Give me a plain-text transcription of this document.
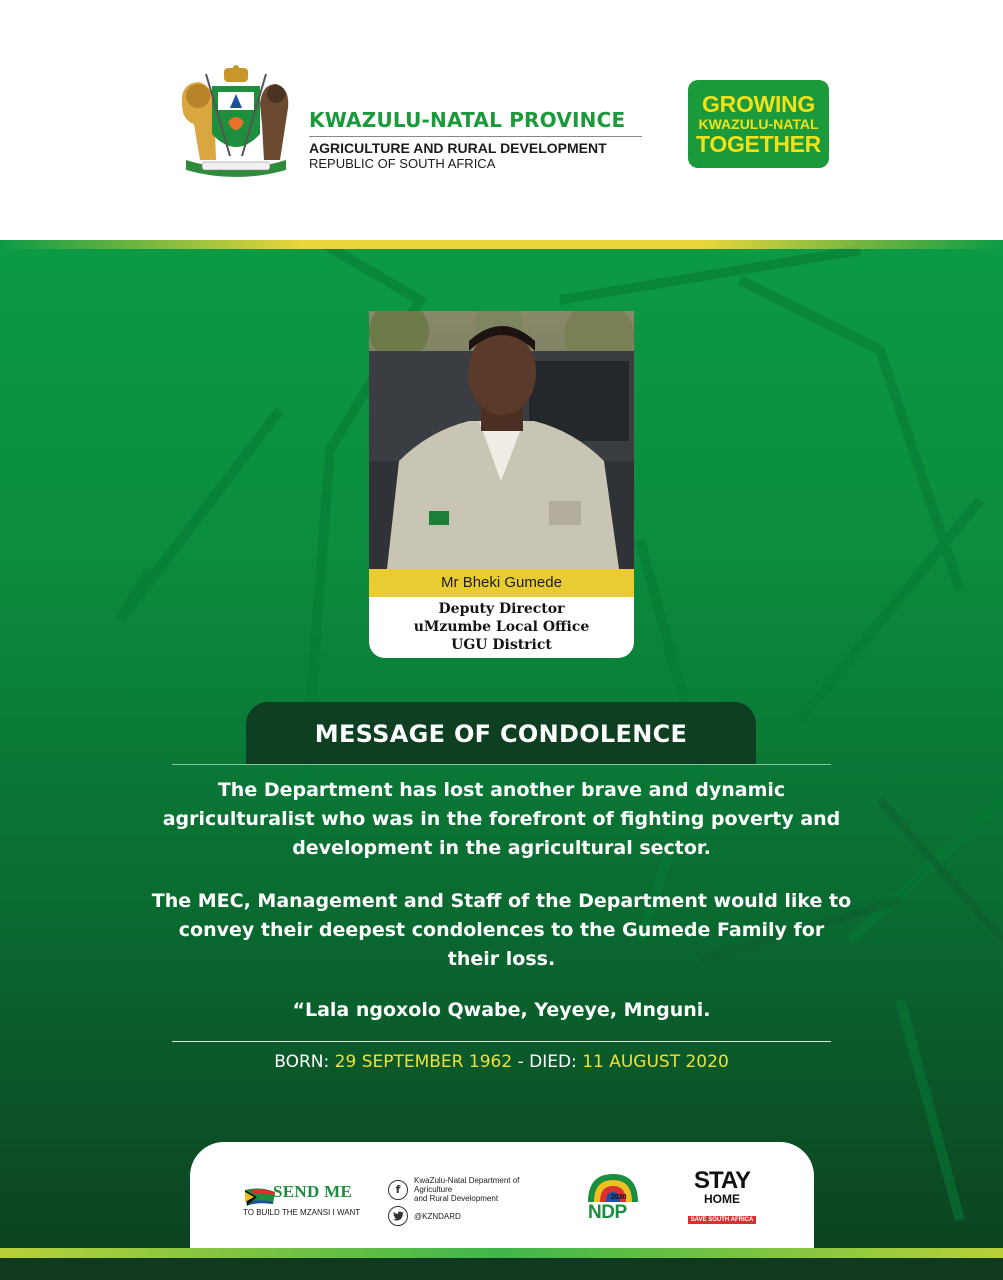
KWAZULU-NATAL PROVINCE
AGRICULTURE AND RURAL DEVELOPMENT
REPUBLIC OF SOUTH AFRICA
GROWING
KWAZULU-NATAL
TOGETHER
Mr Bheki Gumede
Deputy Director
uMzumbe Local Office
UGU District
MESSAGE OF CONDOLENCE
The Department has lost another brave and dynamic agriculturalist who was in the forefront of fighting poverty and development in the agricultural sector.
The MEC, Management and Staff of the Department would like to convey their deepest condolences to the Gumede Family for their loss.
“Lala ngoxolo Qwabe, Yeyeye, Mnguni.
BORN: 29 SEPTEMBER 1962 - DIED: 11 AUGUST 2020
SEND ME
TO BUILD THE MZANSI I WANT
f
KwaZulu-Natal Department of Agriculture
and Rural Development
@KZNDARD
2030
NDP
STAY
HOME
SAVE SOUTH AFRICA
